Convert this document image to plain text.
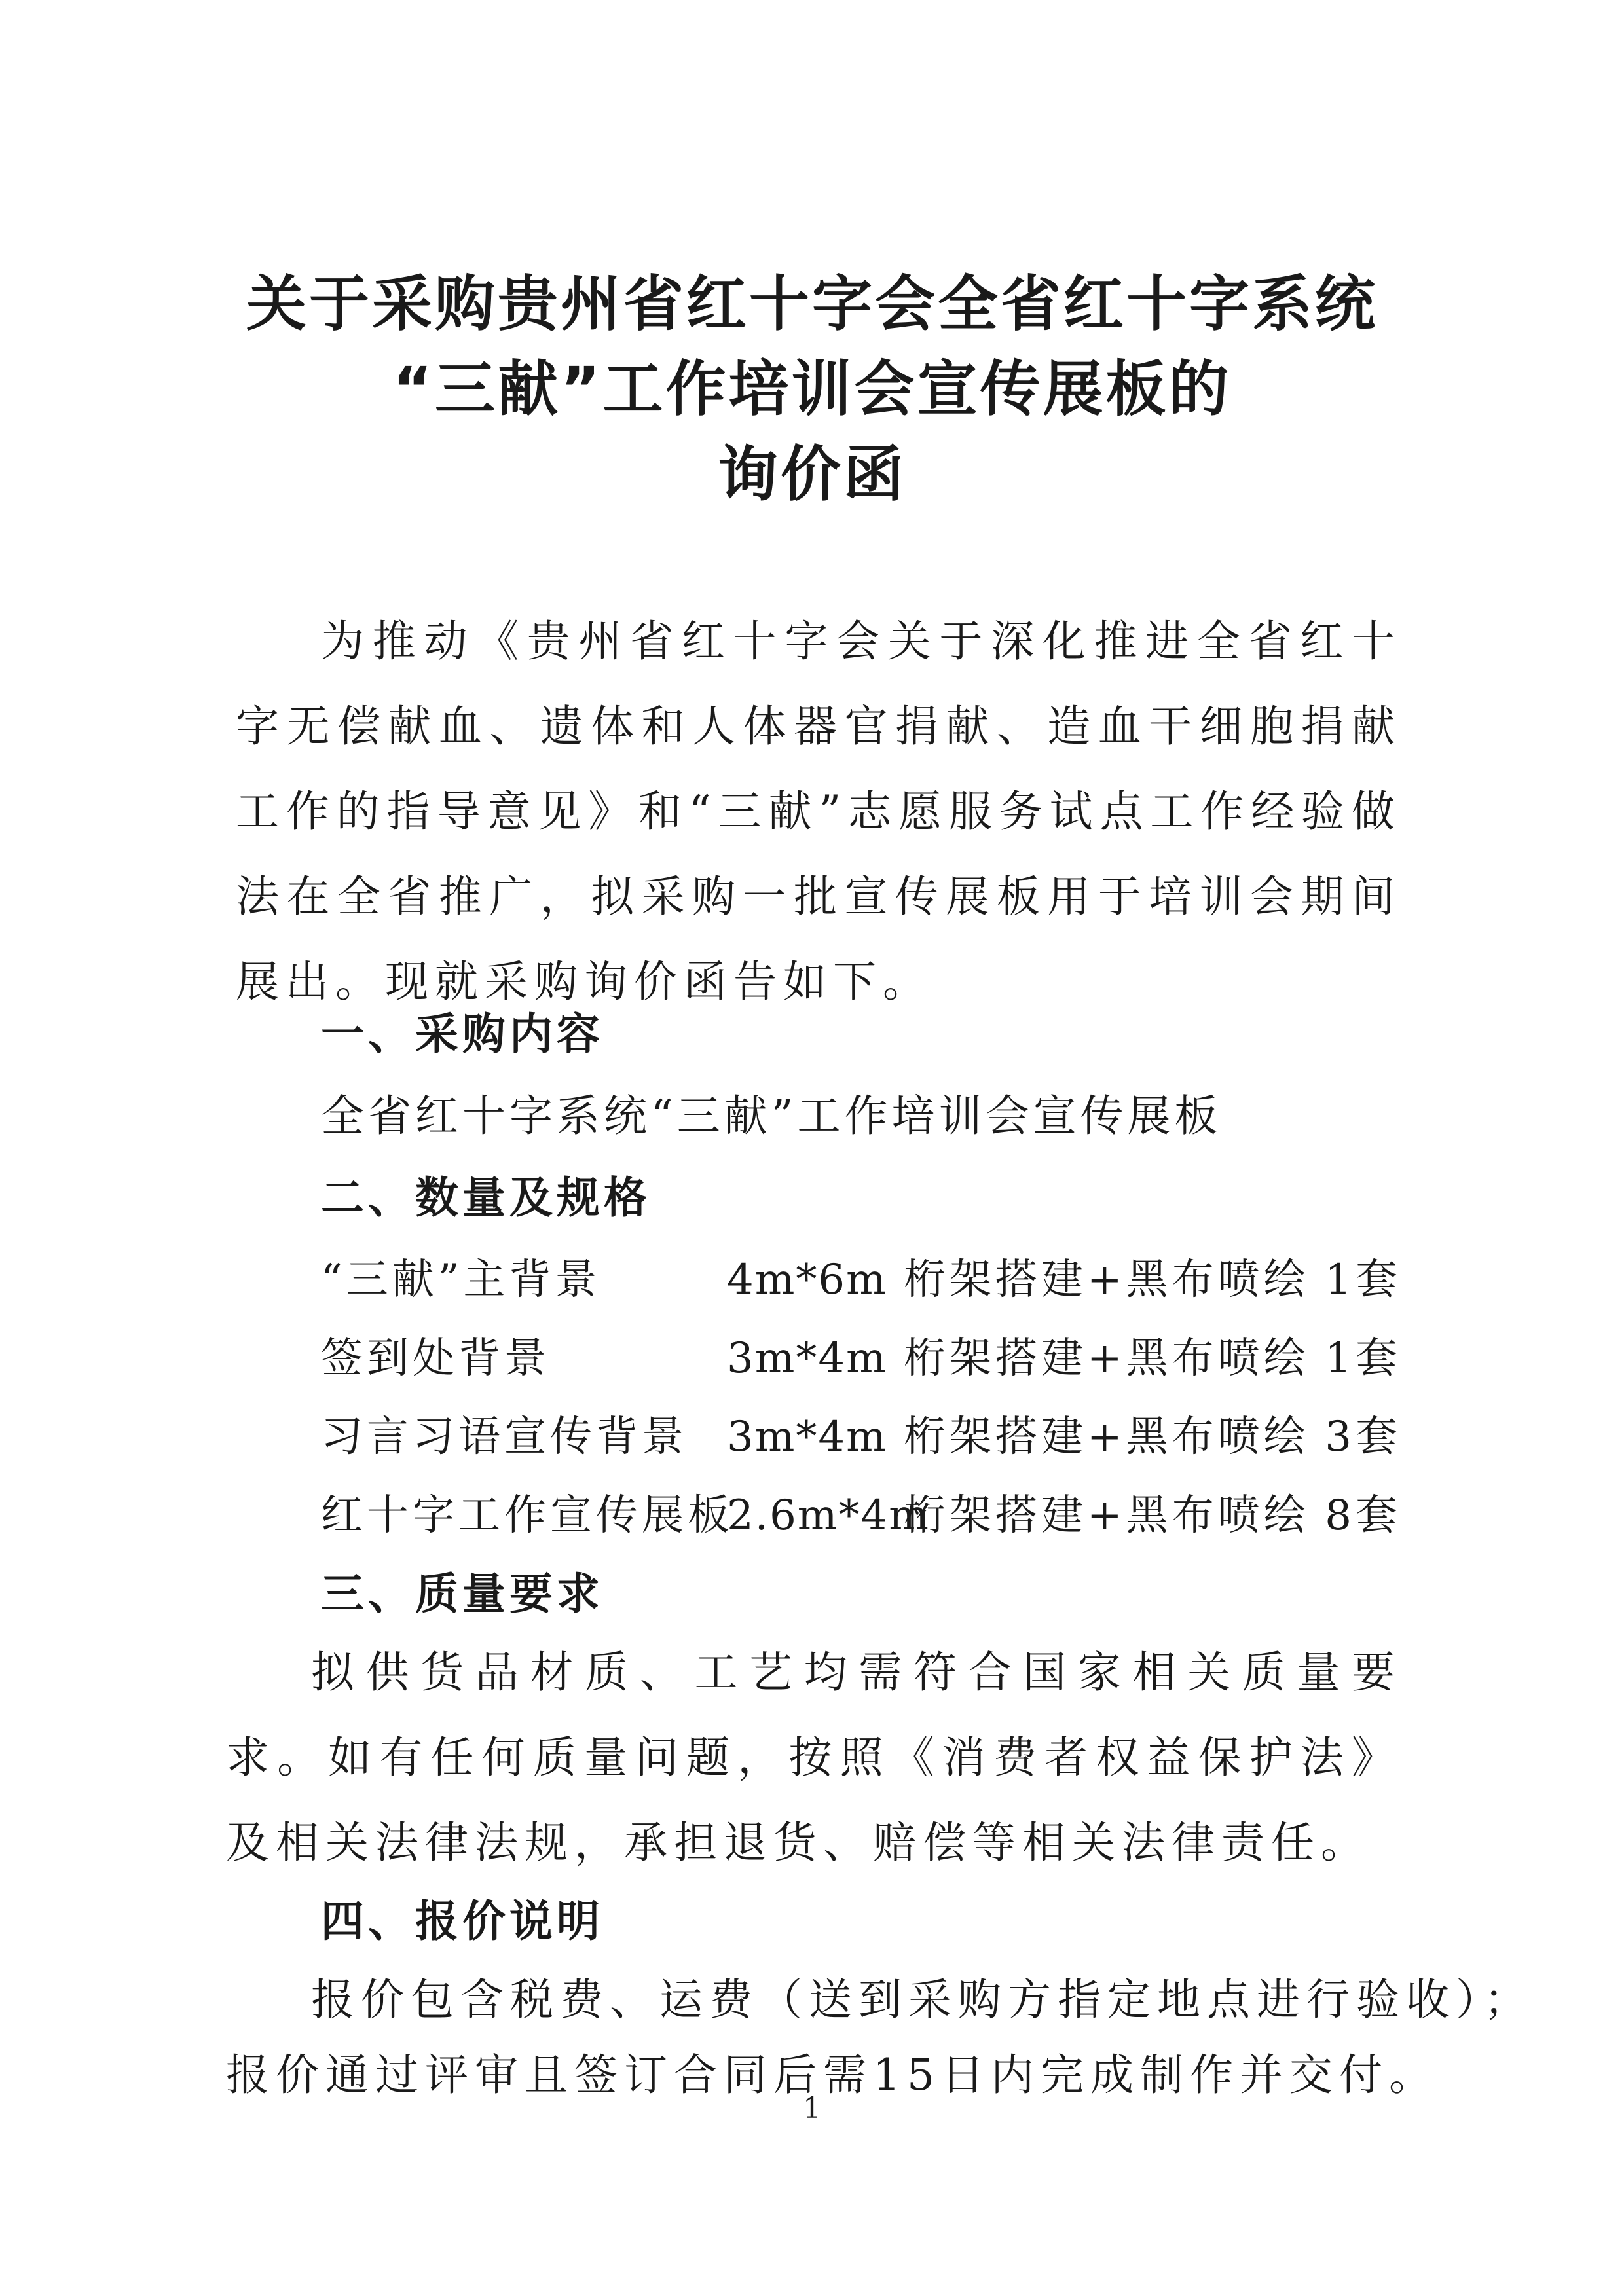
关于采购贵州省红十字会全省红十字系统
“三献”工作培训会宣传展板的
询价函
为推动《贵州省红十字会关于深化推进全省红十字无偿献血、遗体和人体器官捐献、造血干细胞捐献工作的指导意见》和“三献”志愿服务试点工作经验做法在全省推广，拟采购一批宣传展板用于培训会期间展出。现就采购询价函告如下。
一、采购内容
全省红十字系统“三献”工作培训会宣传展板
二、数量及规格
“三献”主背景	4m*6m 桁架搭建+黑布喷绘 1套
签到处背景	3m*4m 桁架搭建+黑布喷绘 1套
习言习语宣传背景 3m*4m 桁架搭建+黑布喷绘 3套
红十字工作宣传展板
2.6m*4m
桁架搭建+黑布喷绘 8套
三、质量要求
拟供货品材质、工艺均需符合国家相关质量要求。如有任何质量问题，按照《消费者权益保护法》及相关法律法规，承担退货、赔偿等相关法律责任。
四、报价说明
报价包含税费、运费（送到采购方指定地点进行验收）；
报价通过评审且签订合同后需15日内完成制作并交付。
1
